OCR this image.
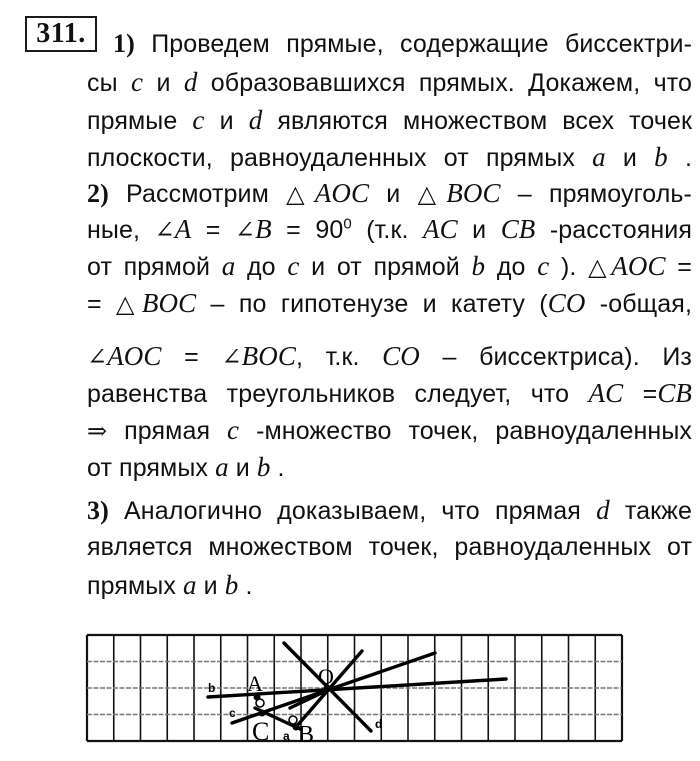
311.	1) Проведем прямые, содержащие биссектри-
сы c и d образовавшихся прямых. Докажем, что
прямые c и d являются множеством всех точек
плоскости, равноудаленных от прямых a и b .
2) Рассмотрим △AOC и △BOC – прямоуголь-
ные, ∠A = ∠B = $90^0$ (т.к. AC и CB -расстояния
от прямой a до c и от прямой b до c ). △AOC =
= △BOC – по гипотенузе и катету (CO -общая,
∠AOC = ∠BOC, т.к. CO – биссектриса). Из
равенства треугольников следует, что AC =CB
⇒ прямая c -множество точек, равноудаленных
от прямых a и b .
3) Аналогично доказываем, что прямая d также
является множеством точек, равноудаленных от
прямых a и b .
b
c
d
a
O
A
C B
